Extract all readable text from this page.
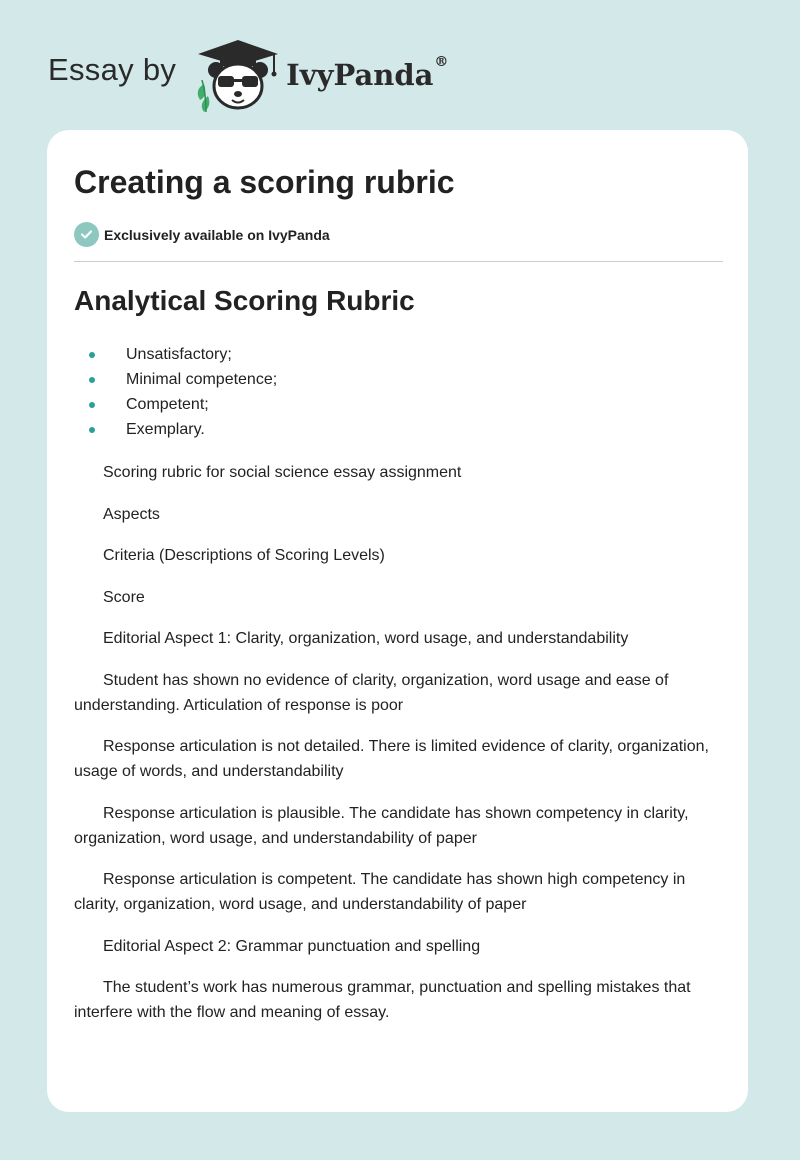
Essay by	IvyPanda®
Creating a scoring rubric
Exclusively available on IvyPanda
Analytical Scoring Rubric
Unsatisfactory;
Minimal competence;
Competent;
Exemplary.

Scoring rubric for social science essay assignment

Aspects

Criteria (Descriptions of Scoring Levels)

Score

Editorial Aspect 1: Clarity, organization, word usage, and understandability

Student has shown no evidence of clarity, organization, word usage and ease of understanding. Articulation of response is poor

Response articulation is not detailed. There is limited evidence of clarity, organization, usage of words, and understandability

Response articulation is plausible. The candidate has shown competency in clarity, organization, word usage, and understandability of paper

Response articulation is competent. The candidate has shown high competency in clarity, organization, word usage, and understandability of paper

Editorial Aspect 2: Grammar punctuation and spelling

The student’s work has numerous grammar, punctuation and spelling mistakes that interfere with the flow and meaning of essay.
